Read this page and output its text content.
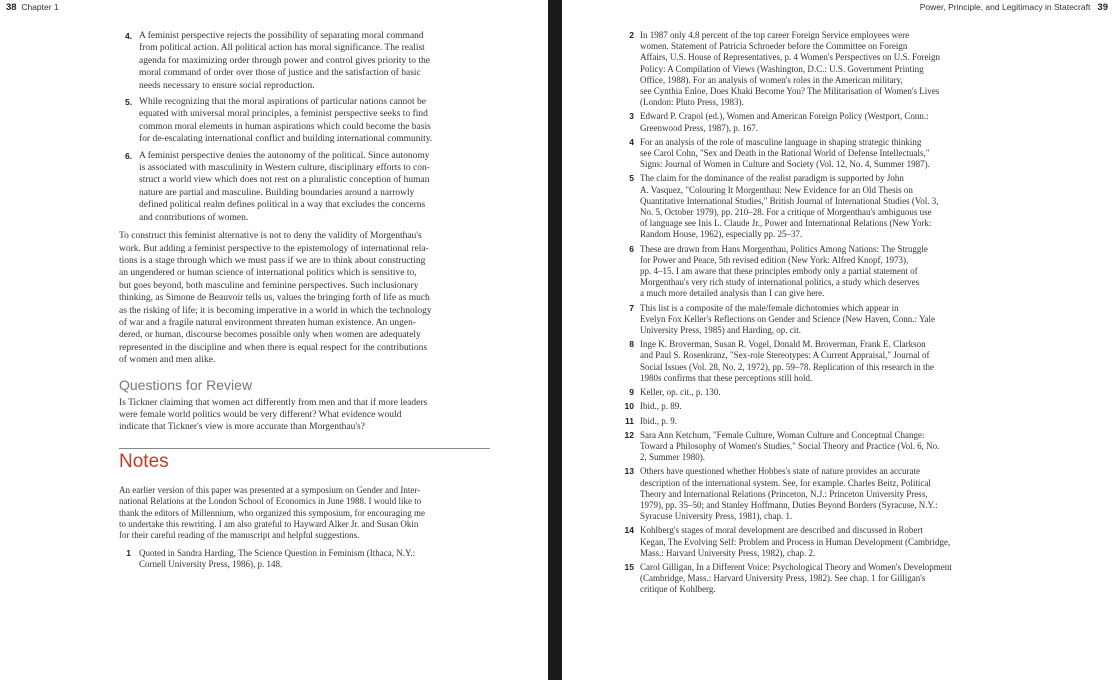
38 Chapter 1
4. A feminist perspective rejects the possibility of separating moral command
from political action. All political action has moral significance. The realist
agenda for maximizing order through power and control gives priority to the
moral command of order over those of justice and the satisfaction of basic
needs necessary to ensure social reproduction.
5. While recognizing that the moral aspirations of particular nations cannot be
equated with universal moral principles, a feminist perspective seeks to find
common moral elements in human aspirations which could become the basis
for de-escalating international conflict and building international community.
6. A feminist perspective denies the autonomy of the political. Since autonomy
is associated with masculinity in Western culture, disciplinary efforts to con-
struct a world view which does not rest on a pluralistic conception of human
nature are partial and masculine. Building boundaries around a narrowly
defined political realm defines political in a way that excludes the concerns
and contributions of women.

To construct this feminist alternative is not to deny the validity of Morgenthau's
work. But adding a feminist perspective to the epistemology of international rela-
tions is a stage through which we must pass if we are to think about constructing
an ungendered or human science of international politics which is sensitive to,
but goes beyond, both masculine and feminine perspectives. Such inclusionary
thinking, as Simone de Beauvoir tells us, values the bringing forth of life as much
as the risking of life; it is becoming imperative in a world in which the technology
of war and a fragile natural environment threaten human existence. An ungen-
dered, or human, discourse becomes possible only when women are adequately
represented in the discipline and when there is equal respect for the contributions
of women and men alike.

Questions for Review

Is Tickner claiming that women act differently from men and that if more leaders
were female world politics would be very different? What evidence would
indicate that Tickner's view is more accurate than Morgenthau's?

Notes

An earlier version of this paper was presented at a symposium on Gender and Inter-
national Relations at the London School of Economics in June 1988. I would like to
thank the editors of Millennium, who organized this symposium, for encouraging me
to undertake this rewriting. I am also grateful to Hayward Alker Jr. and Susan Okin
for their careful reading of the manuscript and helpful suggestions.

1 Quoted in Sandra Harding, The Science Question in Feminism (Ithaca, N.Y.:
Cornell University Press, 1986), p. 148.
Power, Principle, and Legitimacy in Statecraft 39
2 In 1987 only 4.8 percent of the top career Foreign Service employees were
women. Statement of Patricia Schroeder before the Committee on Foreign
Affairs, U.S. House of Representatives, p. 4 Women's Perspectives on U.S. Foreign
Policy: A Compilation of Views (Washington, D.C.: U.S. Government Printing
Office, 1988). For an analysis of women's roles in the American military,
see Cynthia Enloe, Does Khaki Become You? The Militarisation of Women's Lives
(London: Pluto Press, 1983).
3 Edward P. Crapol (ed.), Women and American Foreign Policy (Westport, Conn.:
Greenwood Press, 1987), p. 167.
4 For an analysis of the role of masculine language in shaping strategic thinking
see Carol Cohn, "Sex and Death in the Rational World of Defense Intellectuals,"
Signs: Journal of Women in Culture and Society (Vol. 12, No. 4, Summer 1987).
5 The claim for the dominance of the realist paradigm is supported by John
A. Vasquez, "Colouring It Morgenthau: New Evidence for an Old Thesis on
Quantitative International Studies," British Journal of International Studies (Vol. 3,
No. 5, October 1979), pp. 210–28. For a critique of Morgenthau's ambiguous use
of language see Inis L. Claude Jr., Power and International Relations (New York:
Random House, 1962), especially pp. 25–37.
6 These are drawn from Hans Morgenthau, Politics Among Nations: The Struggle
for Power and Peace, 5th revised edition (New York: Alfred Knopf, 1973),
pp. 4–15. I am aware that these principles embody only a partial statement of
Morgenthau's very rich study of international politics, a study which deserves
a much more detailed analysis than I can give here.
7 This list is a composite of the male/female dichotomies which appear in
Evelyn Fox Keller's Reflections on Gender and Science (New Haven, Conn.: Yale
University Press, 1985) and Harding, op. cit.
8 Inge K. Broverman, Susan R. Vogel, Donald M. Broverman, Frank E. Clarkson
and Paul S. Rosenkranz, "Sex-role Stereotypes: A Current Appraisal," Journal of
Social Issues (Vol. 28, No. 2, 1972), pp. 59–78. Replication of this research in the
1980s confirms that these perceptions still hold.
9 Keller, op. cit., p. 130.
10 Ibid., p. 89.
11 Ibid., p. 9.
12 Sara Ann Ketchum, "Female Culture, Woman Culture and Conceptual Change:
Toward a Philosophy of Women's Studies," Social Theory and Practice (Vol. 6, No.
2, Summer 1980).
13 Others have questioned whether Hobbes's state of nature provides an accurate
description of the international system. See, for example. Charles Beitz, Political
Theory and International Relations (Princeton, N.J.: Princeton University Press,
1979), pp. 35–50; and Stanley Hoffmann, Duties Beyond Borders (Syracuse, N.Y.:
Syracuse University Press, 1981), chap. 1.
14 Kohlberg's stages of moral development are described and discussed in Robert
Kegan, The Evolving Self: Problem and Process in Human Development (Cambridge,
Mass.: Harvard University Press, 1982), chap. 2.
15 Carol Gilligan, In a Different Voice: Psychological Theory and Women's Development
(Cambridge, Mass.: Harvard University Press, 1982). See chap. 1 for Gilligan's
critique of Kohlberg.
